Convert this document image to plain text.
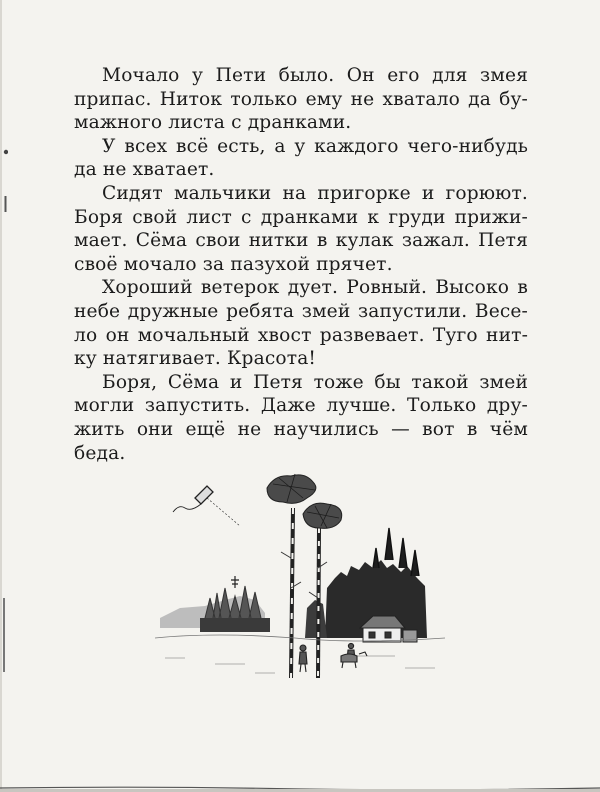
Мочало у Пети было. Он его для змея
припас. Ниток только ему не хватало да бу-
мажного листа с дранками.

У всех всё есть, а у каждого чего-нибудь
да не хватает.

Сидят мальчики на пригорке и горюют.
Боря свой лист с дранками к груди прижи-
мает. Сёма свои нитки в кулак зажал. Петя
своё мочало за пазухой прячет.

Хороший ветерок дует. Ровный. Высоко в
небе дружные ребята змей запустили. Весе-
ло он мочальный хвост развевает. Туго нит-
ку натягивает. Красота!

Боря, Сёма и Петя тоже бы такой змей
могли запустить. Даже лучше. Только дру-
жить они ещё не научились — вот в чём
беда.
